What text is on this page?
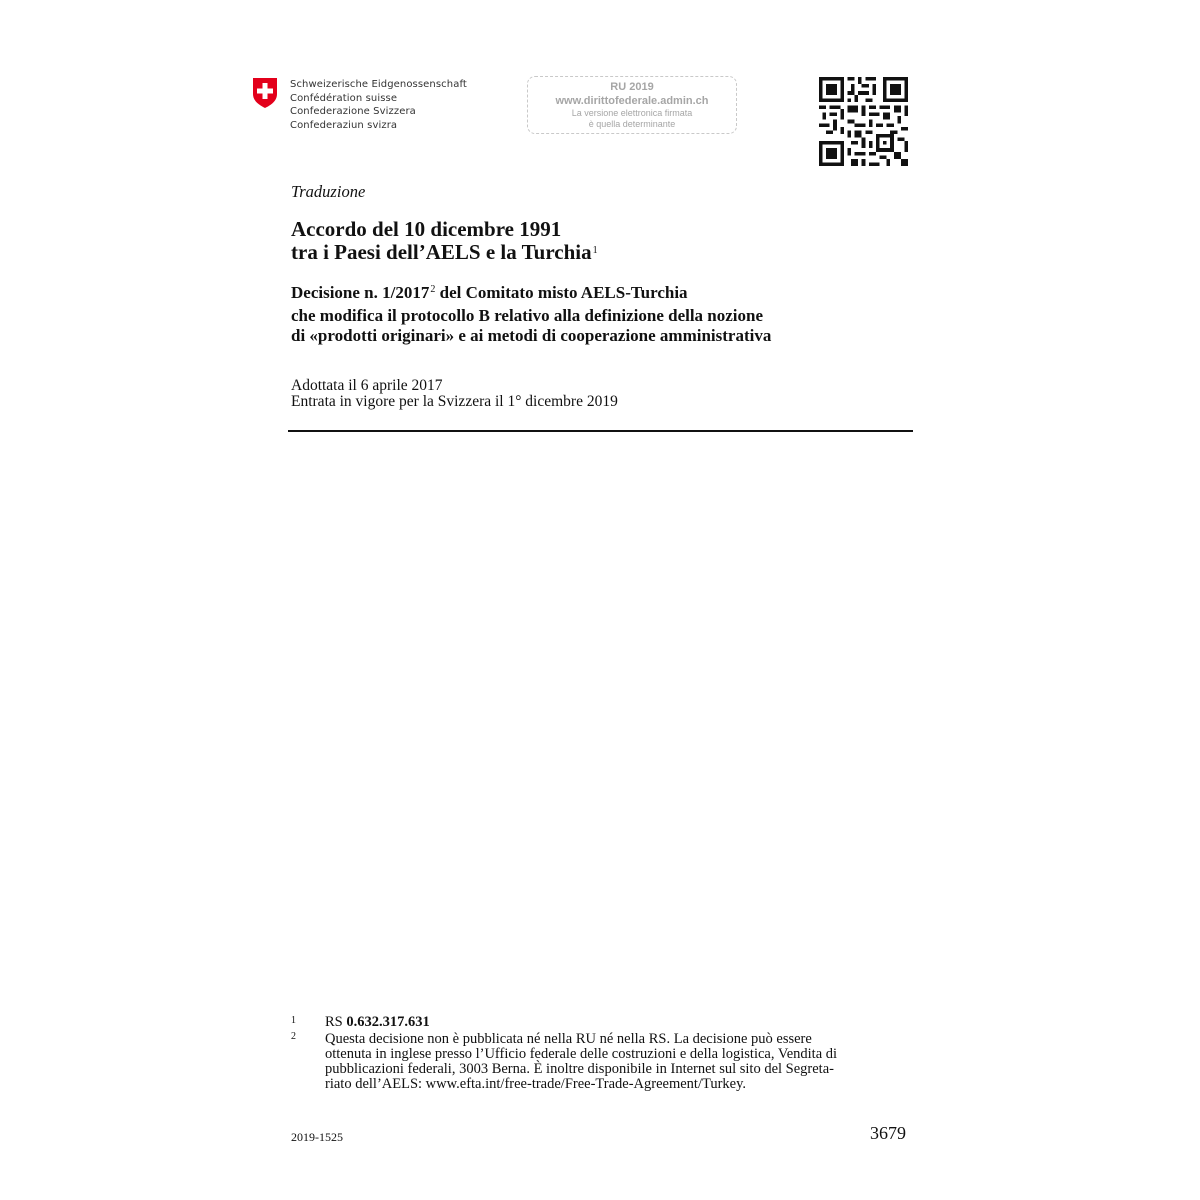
Schweizerische Eidgenossenschaft
Confédération suisse
Confederazione Svizzera
Confederaziun svizra
RU 2019
www.dirittofederale.admin.ch
La versione elettronica firmata
è quella determinante
Traduzione
Accordo del 10 dicembre 1991
tra i Paesi dell’AELS e la Turchia$^1$
Decisione n. 1/2017$^2$ del Comitato misto AELS-Turchia
che modifica il protocollo B relativo alla definizione della nozione
di «prodotti originari» e ai metodi di cooperazione amministrativa
Adottata il 6 aprile 2017
Entrata in vigore per la Svizzera il 1° dicembre 2019
1 RS 0.632.317.631
2 Questa decisione non è pubblicata né nella RU né nella RS. La decisione può essere
ottenuta in inglese presso l’Ufficio federale delle costruzioni e della logistica, Vendita di
pubblicazioni federali, 3003 Berna. È inoltre disponibile in Internet sul sito del Segreta-
riato dell’AELS: www.efta.int/free-trade/Free-Trade-Agreement/Turkey.
2019-1525	3679
